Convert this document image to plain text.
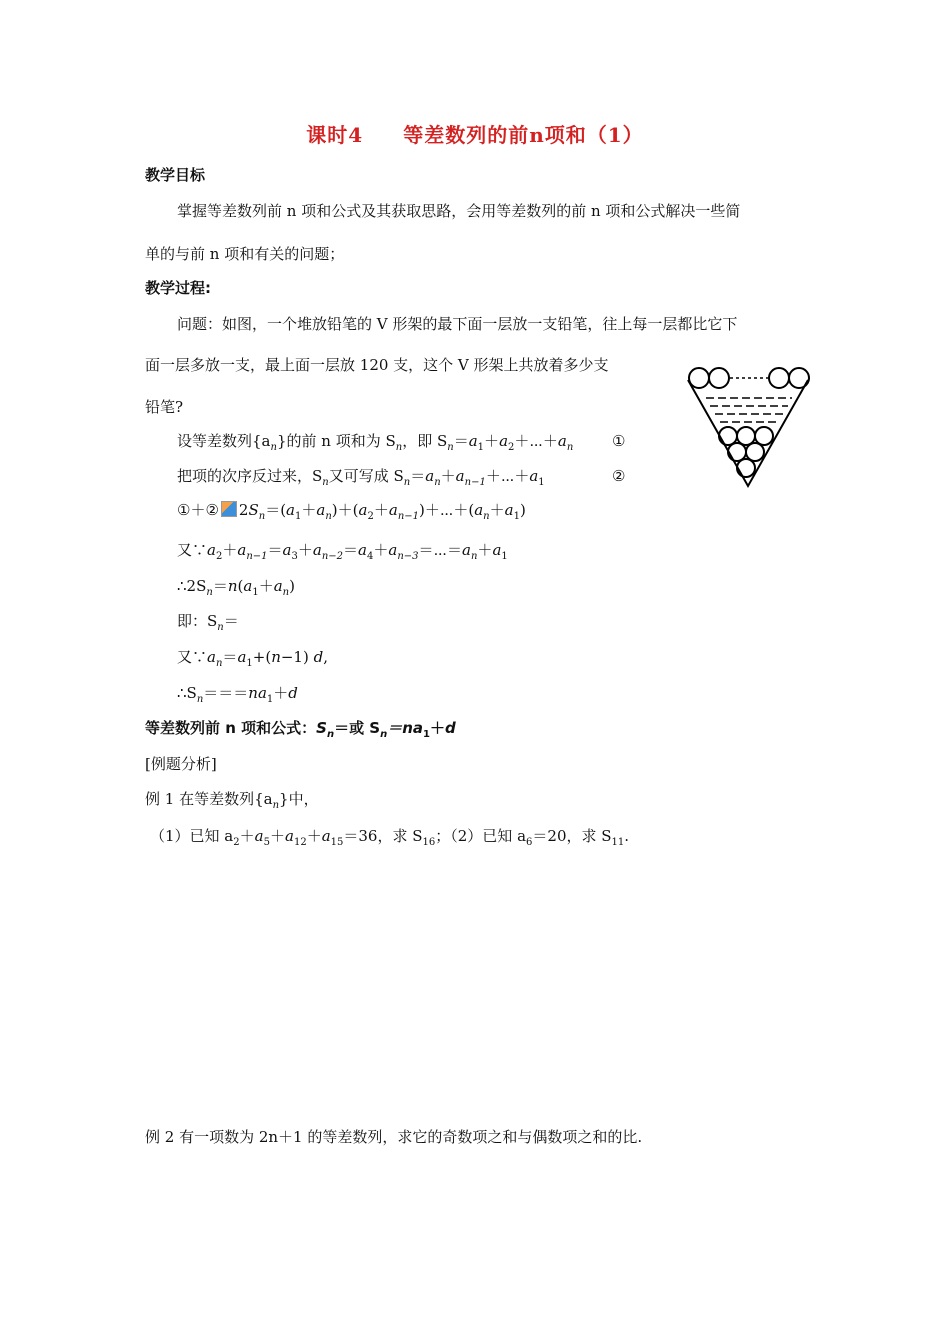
课时4 等差数列的前n项和（1）
教学目标
掌握等差数列前 n 项和公式及其获取思路，会用等差数列的前 n 项和公式解决一些简
单的与前 n 项和有关的问题；
教学过程:
问题：如图，一个堆放铅笔的 V 形架的最下面一层放一支铅笔，往上每一层都比它下
面一层多放一支，最上面一层放 120 支，这个 V 形架上共放着多少支
铅笔?
设等差数列$\{a_n\}$的前 n 项和为 $S_n$，即 $S_n=a_1+a_2+\cdots+a_n$	①
把项的次序反过来，$S_n$又可写成 $S_n=a_n+a_{n-1}+\cdots+a_1$	②
①＋② $2S_n=(a_1+a_n)+(a_2+a_{n-1})+\cdots+(a_n+a_1)$
又$\because a_2+a_{n-1}=a_3+a_{n-2}=a_4+a_{n-3}=\cdots=a_n+a_1$
$\therefore 2S_n=n(a_1+a_n)$
即：$S_n=$
又$\because a_n=a_1+(n-1)$ d,
$\therefore S_n===na_1+d$
等差数列前 n 项和公式：$S_n=$或 $S_n=na_1+d$
[例题分析]
例 1 在等差数列$\{a_n\}$中，
（1）已知 $a_2+a_5+a_{12}+a_{15}=36$，求 $S_{16}$；（2）已知 $a_6=20$，求 $S_{11}$.
例 2 有一项数为 2n＋1 的等差数列，求它的奇数项之和与偶数项之和的比.
